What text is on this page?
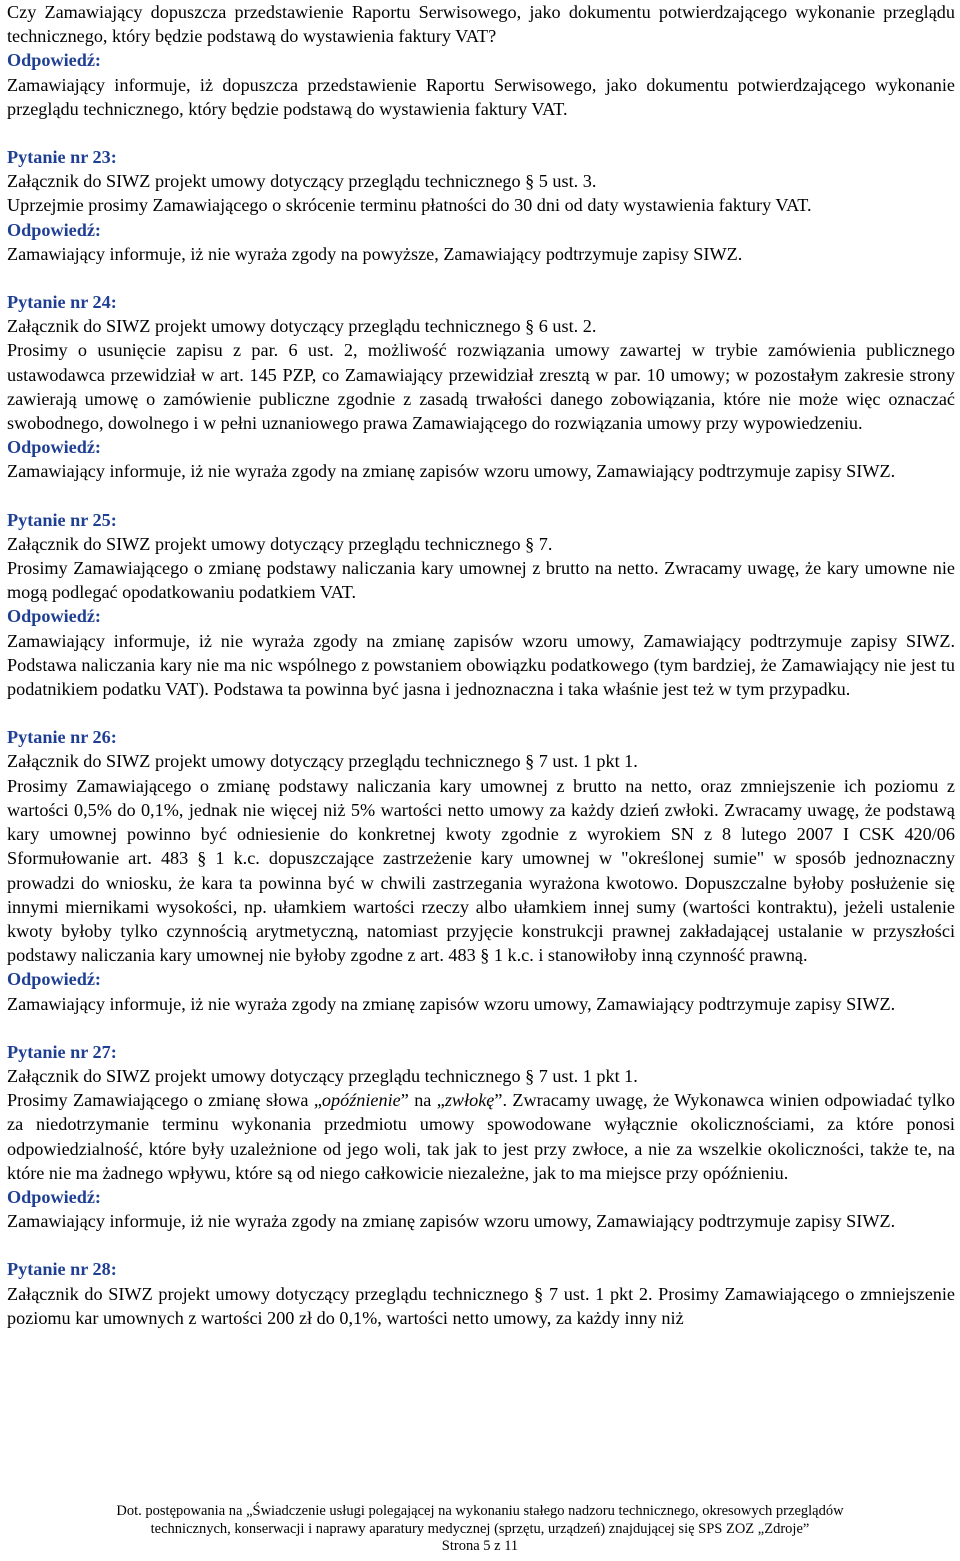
Czy Zamawiający dopuszcza przedstawienie Raportu Serwisowego, jako dokumentu potwierdzającego wykonanie przeglądu technicznego, który będzie podstawą do wystawienia faktury VAT?

Odpowiedź:

Zamawiający informuje, iż dopuszcza przedstawienie Raportu Serwisowego, jako dokumentu potwierdzającego wykonanie przeglądu technicznego, który będzie podstawą do wystawienia faktury VAT.

Pytanie nr 23:

Załącznik do SIWZ projekt umowy dotyczący przeglądu technicznego § 5 ust. 3.

Uprzejmie prosimy Zamawiającego o skrócenie terminu płatności do 30 dni od daty wystawienia faktury VAT.

Odpowiedź:

Zamawiający informuje, iż nie wyraża zgody na powyższe, Zamawiający podtrzymuje zapisy SIWZ.

Pytanie nr 24:

Załącznik do SIWZ projekt umowy dotyczący przeglądu technicznego § 6 ust. 2.

Prosimy o usunięcie zapisu z par. 6 ust. 2, możliwość rozwiązania umowy zawartej w trybie zamówienia publicznego ustawodawca przewidział w art. 145 PZP, co Zamawiający przewidział zresztą w par. 10 umowy; w pozostałym zakresie strony zawierają umowę o zamówienie publiczne zgodnie z zasadą trwałości danego zobowiązania, które nie może więc oznaczać swobodnego, dowolnego i w pełni uznaniowego prawa Zamawiającego do rozwiązania umowy przy wypowiedzeniu.

Odpowiedź:

Zamawiający informuje, iż nie wyraża zgody na zmianę zapisów wzoru umowy, Zamawiający podtrzymuje zapisy SIWZ.

Pytanie nr 25:

Załącznik do SIWZ projekt umowy dotyczący przeglądu technicznego § 7.

Prosimy Zamawiającego o zmianę podstawy naliczania kary umownej z brutto na netto. Zwracamy uwagę, że kary umowne nie mogą podlegać opodatkowaniu podatkiem VAT.

Odpowiedź:

Zamawiający informuje, iż nie wyraża zgody na zmianę zapisów wzoru umowy, Zamawiający podtrzymuje zapisy SIWZ. Podstawa naliczania kary nie ma nic wspólnego z powstaniem obowiązku podatkowego (tym bardziej, że Zamawiający nie jest tu podatnikiem podatku VAT). Podstawa ta powinna być jasna i jednoznaczna i taka właśnie jest też w tym przypadku.

Pytanie nr 26:

Załącznik do SIWZ projekt umowy dotyczący przeglądu technicznego § 7 ust. 1 pkt 1.

Prosimy Zamawiającego o zmianę podstawy naliczania kary umownej z brutto na netto, oraz zmniejszenie ich poziomu z wartości 0,5% do 0,1%, jednak nie więcej niż 5% wartości netto umowy za każdy dzień zwłoki. Zwracamy uwagę, że podstawą kary umownej powinno być odniesienie do konkretnej kwoty zgodnie z wyrokiem SN z 8 lutego 2007 I CSK 420/06 Sformułowanie art. 483 § 1 k.c. dopuszczające zastrzeżenie kary umownej w "określonej sumie" w sposób jednoznaczny prowadzi do wniosku, że kara ta powinna być w chwili zastrzegania wyrażona kwotowo. Dopuszczalne byłoby posłużenie się innymi miernikami wysokości, np. ułamkiem wartości rzeczy albo ułamkiem innej sumy (wartości kontraktu), jeżeli ustalenie kwoty byłoby tylko czynnością arytmetyczną, natomiast przyjęcie konstrukcji prawnej zakładającej ustalanie w przyszłości podstawy naliczania kary umownej nie byłoby zgodne z art. 483 § 1 k.c. i stanowiłoby inną czynność prawną.

Odpowiedź:

Zamawiający informuje, iż nie wyraża zgody na zmianę zapisów wzoru umowy, Zamawiający podtrzymuje zapisy SIWZ.

Pytanie nr 27:

Załącznik do SIWZ projekt umowy dotyczący przeglądu technicznego § 7 ust. 1 pkt 1.

Prosimy Zamawiającego o zmianę słowa „opóźnienie” na „zwłokę”. Zwracamy uwagę, że Wykonawca winien odpowiadać tylko za niedotrzymanie terminu wykonania przedmiotu umowy spowodowane wyłącznie okolicznościami, za które ponosi odpowiedzialność, które były uzależnione od jego woli, tak jak to jest przy zwłoce, a nie za wszelkie okoliczności, także te, na które nie ma żadnego wpływu, które są od niego całkowicie niezależne, jak to ma miejsce przy opóźnieniu.

Odpowiedź:

Zamawiający informuje, iż nie wyraża zgody na zmianę zapisów wzoru umowy, Zamawiający podtrzymuje zapisy SIWZ.

Pytanie nr 28:

Załącznik do SIWZ projekt umowy dotyczący przeglądu technicznego § 7 ust. 1 pkt 2. Prosimy Zamawiającego o zmniejszenie poziomu kar umownych z wartości 200 zł do 0,1%, wartości netto umowy, za każdy inny niż

Dot. postępowania na „Świadczenie usługi polegającej na wykonaniu stałego nadzoru technicznego, okresowych przeglądów
technicznych, konserwacji i naprawy aparatury medycznej (sprzętu, urządzeń) znajdującej się SPS ZOZ „Zdroje”
Strona 5 z 11
